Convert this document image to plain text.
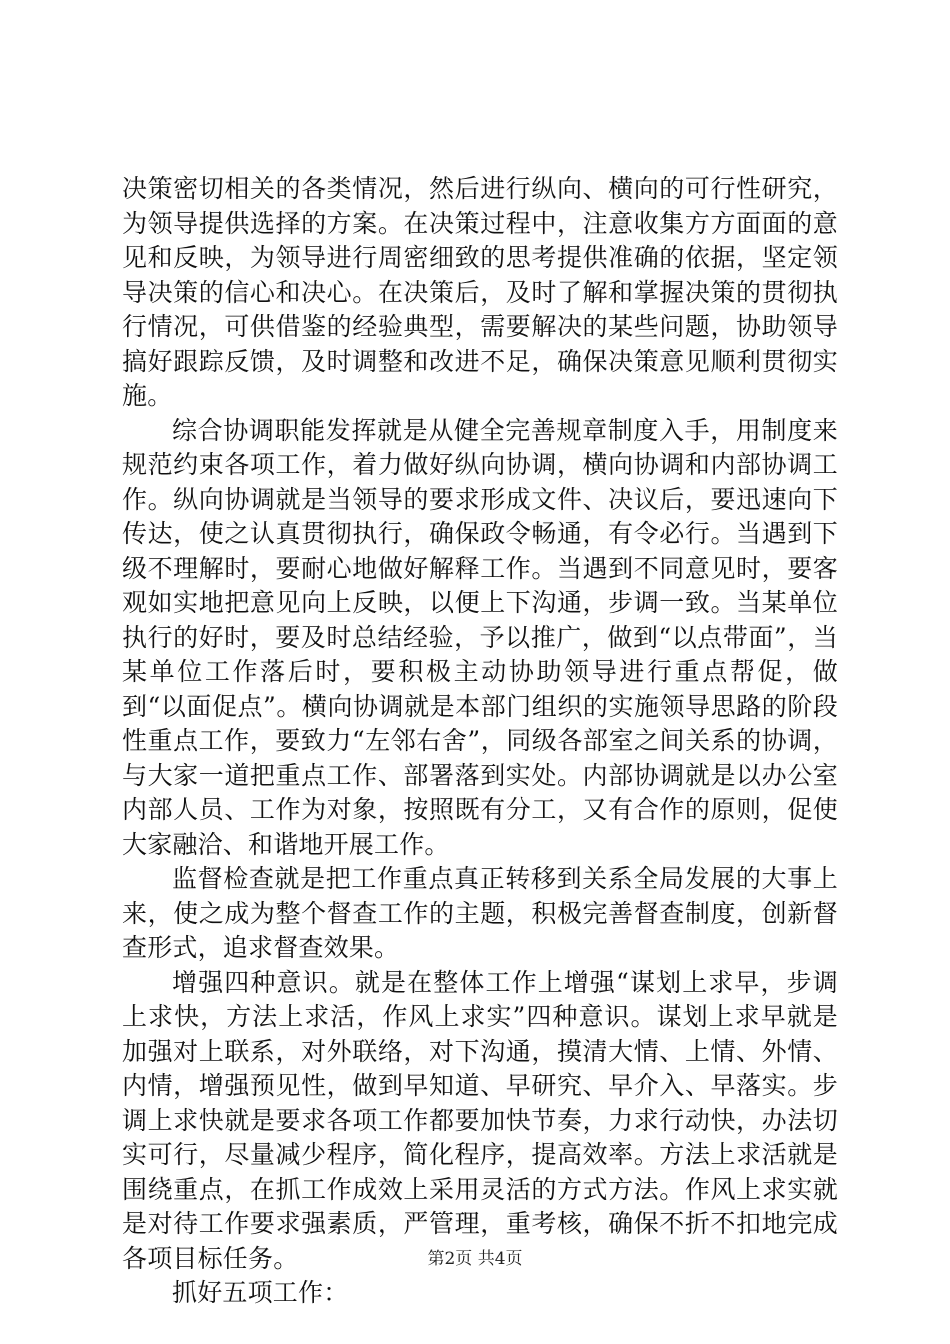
决策密切相关的各类情况，然后进行纵向、横向的可行性研究，为领导提供选择的方案。在决策过程中，注意收集方方面面的意见和反映，为领导进行周密细致的思考提供准确的依据，坚定领导决策的信心和决心。在决策后，及时了解和掌握决策的贯彻执行情况，可供借鉴的经验典型，需要解决的某些问题，协助领导搞好跟踪反馈，及时调整和改进不足，确保决策意见顺利贯彻实施。

综合协调职能发挥就是从健全完善规章制度入手，用制度来规范约束各项工作，着力做好纵向协调，横向协调和内部协调工作。纵向协调就是当领导的要求形成文件、决议后，要迅速向下传达，使之认真贯彻执行，确保政令畅通，有令必行。当遇到下级不理解时，要耐心地做好解释工作。当遇到不同意见时，要客观如实地把意见向上反映，以便上下沟通，步调一致。当某单位执行的好时，要及时总结经验，予以推广，做到“以点带面”，当某单位工作落后时，要积极主动协助领导进行重点帮促，做到“以面促点”。横向协调就是本部门组织的实施领导思路的阶段性重点工作，要致力“左邻右舍”，同级各部室之间关系的协调，与大家一道把重点工作、部署落到实处。内部协调就是以办公室内部人员、工作为对象，按照既有分工，又有合作的原则，促使大家融洽、和谐地开展工作。

监督检查就是把工作重点真正转移到关系全局发展的大事上来，使之成为整个督查工作的主题，积极完善督查制度，创新督查形式，追求督查效果。

增强四种意识。就是在整体工作上增强“谋划上求早，步调上求快，方法上求活，作风上求实”四种意识。谋划上求早就是加强对上联系，对外联络，对下沟通，摸清大情、上情、外情、内情，增强预见性，做到早知道、早研究、早介入、早落实。步调上求快就是要求各项工作都要加快节奏，力求行动快，办法切实可行，尽量减少程序，简化程序，提高效率。方法上求活就是围绕重点，在抓工作成效上采用灵活的方式方法。作风上求实就是对待工作要求强素质，严管理，重考核，确保不折不扣地完成各项目标任务。

抓好五项工作：

第2页 共4页
